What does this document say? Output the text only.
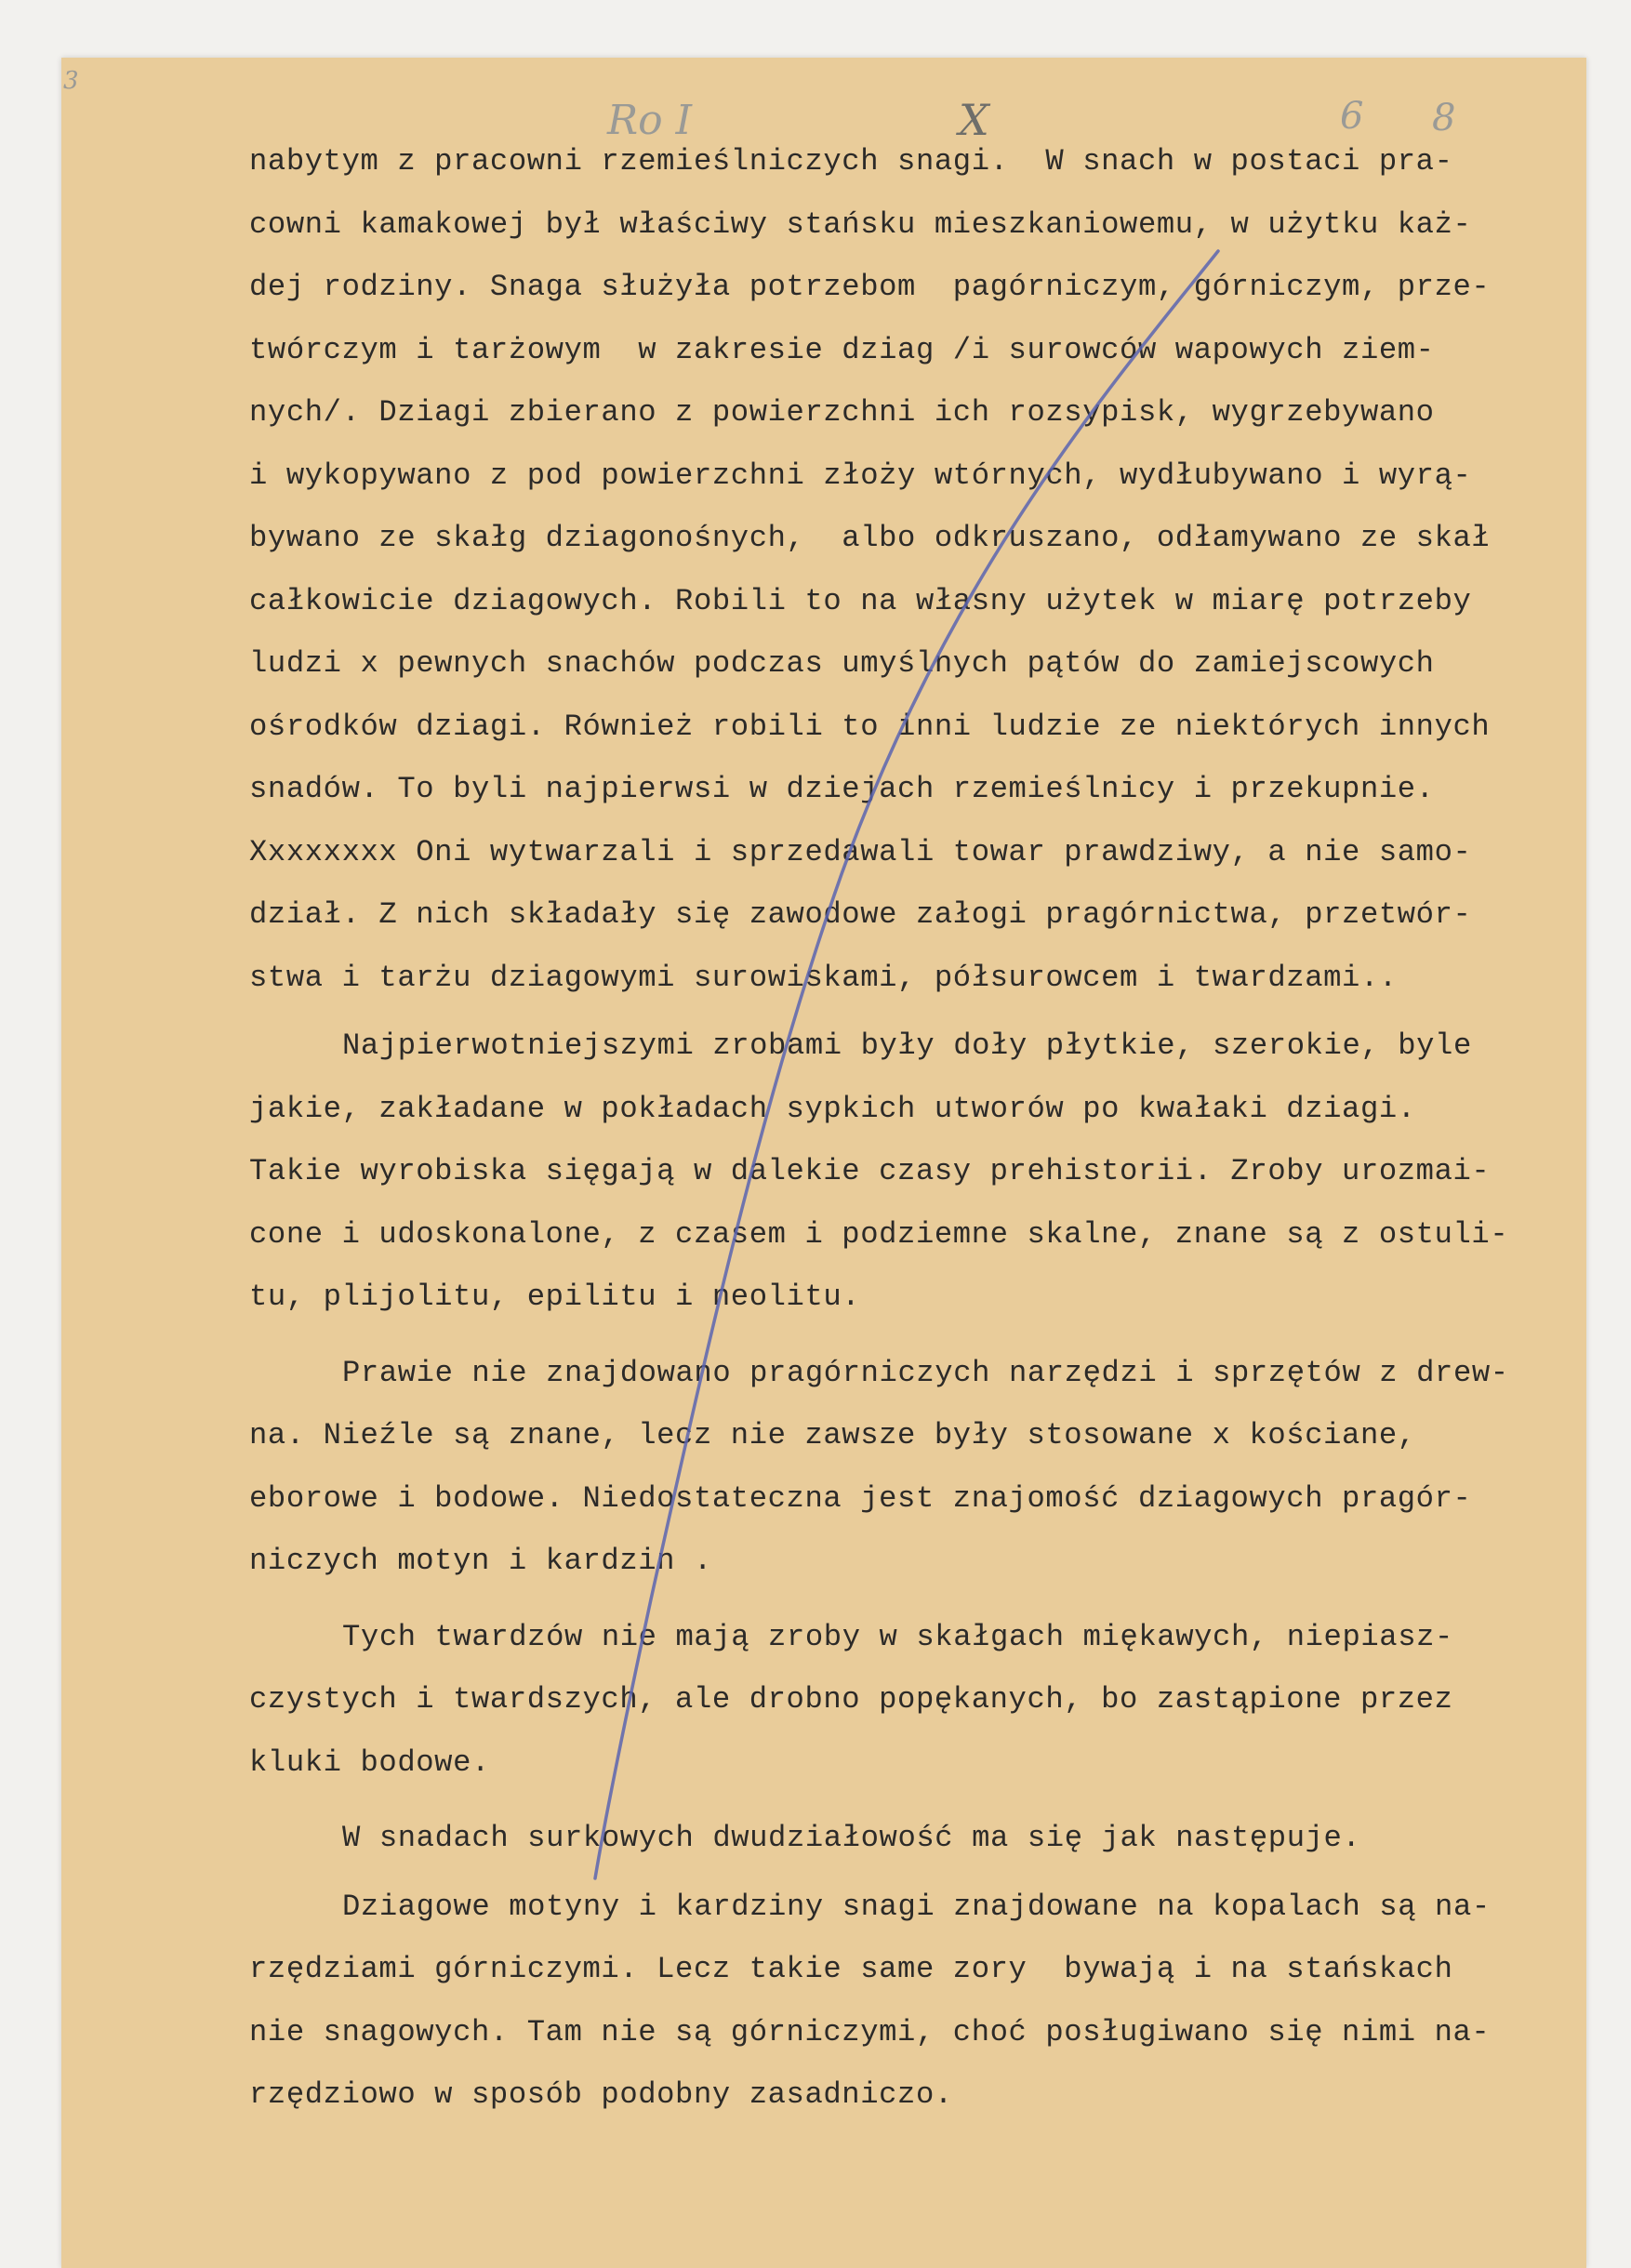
3
Ro I	X	6 8
nabytym z pracowni rzemieślniczych snagi.  W snach w postaci pra-
cowni kamakowej był właściwy stańsku mieszkaniowemu, w użytku każ-
dej rodziny. Snaga służyła potrzebom  pagórniczym, górniczym, prze-
twórczym i tarżowym  w zakresie dziag /i surowców wapowych ziem-
nych/. Dziagi zbierano z powierzchni ich rozsypisk, wygrzebywano
i wykopywano z pod powierzchni złoży wtórnych, wydłubywano i wyrą-
bywano ze skałg dziagonośnych,  albo odkruszano, odłamywano ze skał
całkowicie dziagowych. Robili to na własny użytek w miarę potrzeby
ludzi x pewnych snachów podczas umyślnych pątów do zamiejscowych
ośrodków dziagi. Również robili to inni ludzie ze niektórych innych
snadów. To byli najpierwsi w dziejach rzemieślnicy i przekupnie.
Xxxxxxxx Oni wytwarzali i sprzedawali towar prawdziwy, a nie samo-
dział. Z nich składały się zawodowe załogi pragórnictwa, przetwór-
stwa i tarżu dziagowymi surowiskami, półsurowcem i twardzami..
Najpierwotniejszymi zrobami były doły płytkie, szerokie, byle
jakie, zakładane w pokładach sypkich utworów po kwałaki dziagi.
Takie wyrobiska sięgają w dalekie czasy prehistorii. Zroby urozmai-
cone i udoskonalone, z czasem i podziemne skalne, znane są z ostuli-
tu, plijolitu, epilitu i neolitu.
Prawie nie znajdowano pragórniczych narzędzi i sprzętów z drew-
na. Nieźle są znane, lecz nie zawsze były stosowane x kościane,
eborowe i bodowe. Niedostateczna jest znajomość dziagowych pragór-
niczych motyn i kardzin .
Tych twardzów nie mają zroby w skałgach miękawych, niepiasz-
czystych i twardszych, ale drobno popękanych, bo zastąpione przez
kluki bodowe.
W snadach surkowych dwudziałowość ma się jak następuje.
Dziagowe motyny i kardziny snagi znajdowane na kopalach są na-
rzędziami górniczymi. Lecz takie same zory  bywają i na stańskach
nie snagowych. Tam nie są górniczymi, choć posługiwano się nimi na-
rzędziowo w sposób podobny zasadniczo.
